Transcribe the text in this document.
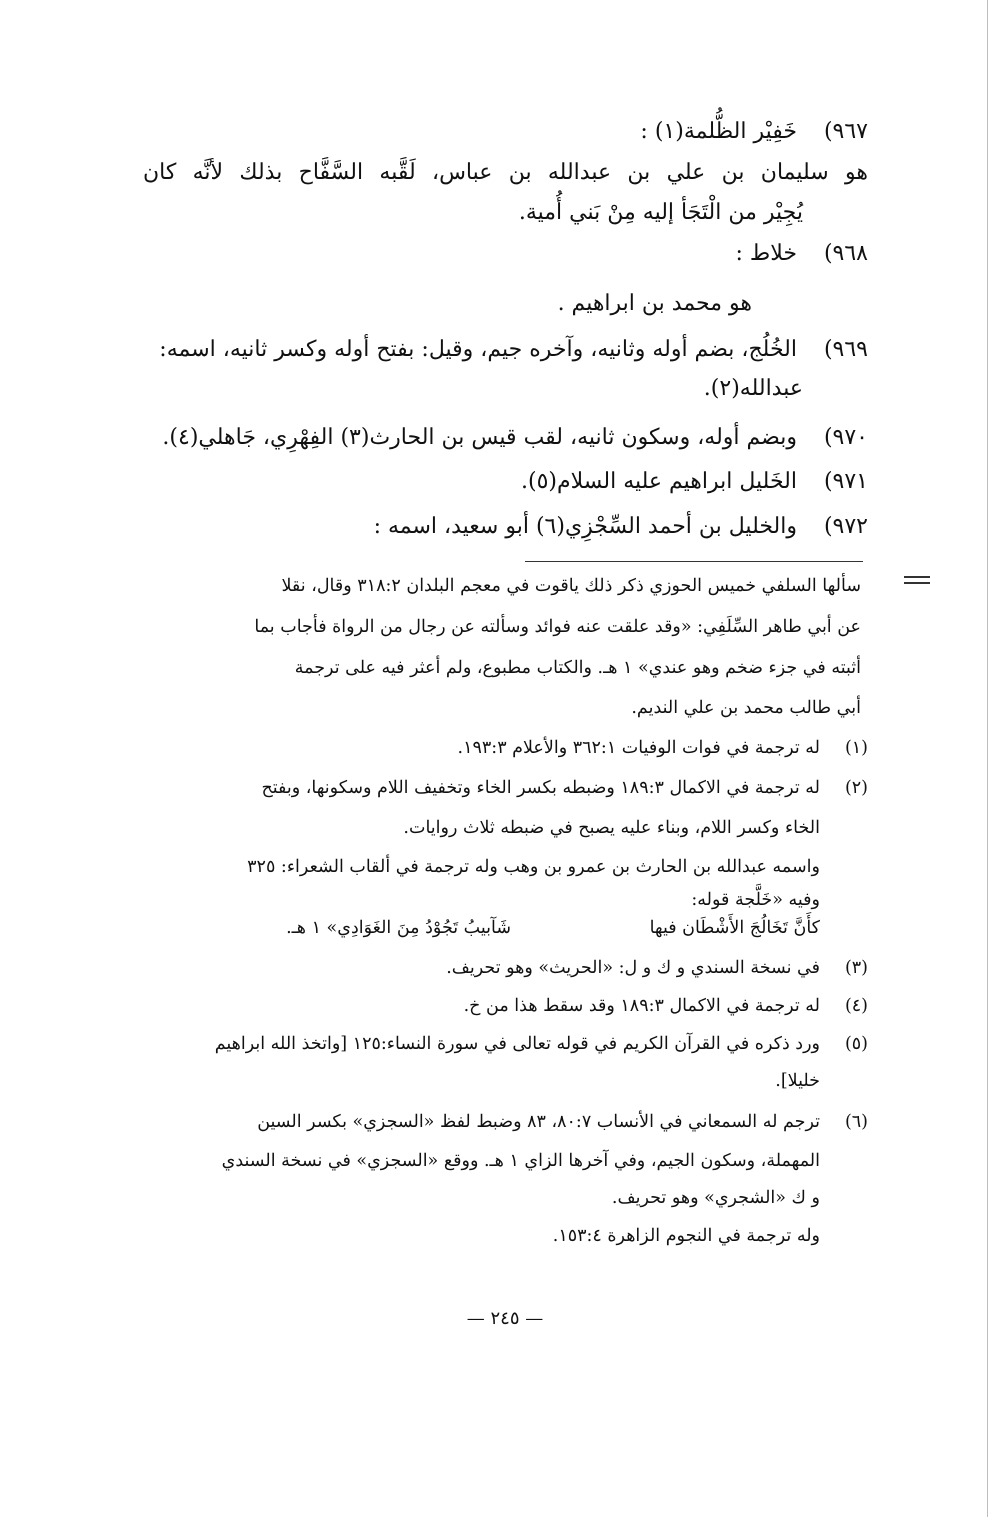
٩٦٧) خَفِيْر الظُّلمة(١) :
هو سليمان بن علي بن عبدالله بن عباس، لَقَّبه السَّفَّاح بذلك لأنَّه كان
يُجِيْر من الْتَجَأ إليه مِنْ بَني أُمية.
٩٦٨) خلاط :
هو محمد بن ابراهيم .
٩٦٩) الخُلُج، بضم أوله وثانيه، وآخره جيم، وقيل: بفتح أوله وكسر ثانيه، اسمه:
عبدالله(٢).
٩٧٠) وبضم أوله، وسكون ثانيه، لقب قيس بن الحارث(٣) الفِهْرِي، جَاهلي(٤).
٩٧١) الخَليل ابراهيم عليه السلام(٥).
٩٧٢) والخليل بن أحمد السِّجْزِي(٦) أبو سعيد، اسمه :
سألها السلفي خميس الحوزي ذكر ذلك ياقوت في معجم البلدان ٣١٨:٢ وقال، نقلا
عن أبي طاهر السِّلَفِي: «وقد علقت عنه فوائد وسألته عن رجال من الرواة فأجاب بما
أثبته في جزء ضخم وهو عندي» ١ هـ. والكتاب مطبوع، ولم أعثر فيه على ترجمة
أبي طالب محمد بن علي النديم.
(١)
له ترجمة في فوات الوفيات ٣٦٢:١ والأعلام ١٩٣:٣.
(٢)
له ترجمة في الاكمال ١٨٩:٣ وضبطه بكسر الخاء وتخفيف اللام وسكونها، وبفتح
الخاء وكسر اللام، وبناء عليه يصبح في ضبطه ثلاث روايات.
واسمه عبدالله بن الحارث بن عمرو بن وهب وله ترجمة في ألقاب الشعراء: ٣٢٥
وفيه «خَلَّجة قوله:
كأَنَّ تَخَالُجَ الأَشْطَان فيها
شَآبيبُ تَجُوْدُ مِنَ الغَوَادِي» ١ هـ.
(٣)
في نسخة السندي و ك و ل: «الحريث» وهو تحريف.
(٤)
له ترجمة في الاكمال ١٨٩:٣ وقد سقط هذا من خ.
(٥)
ورد ذكره في القرآن الكريم في قوله تعالى في سورة النساء:١٢٥ [واتخذ الله ابراهيم
خليلا].
(٦)
ترجم له السمعاني في الأنساب ٨٠:٧، ٨٣ وضبط لفظ «السجزي» بكسر السين
المهملة، وسكون الجيم، وفي آخرها الزاي ١ هـ. ووقع «السجزي» في نسخة السندي
و ك «الشجري» وهو تحريف.
وله ترجمة في النجوم الزاهرة ١٥٣:٤.
— ٢٤٥ —
